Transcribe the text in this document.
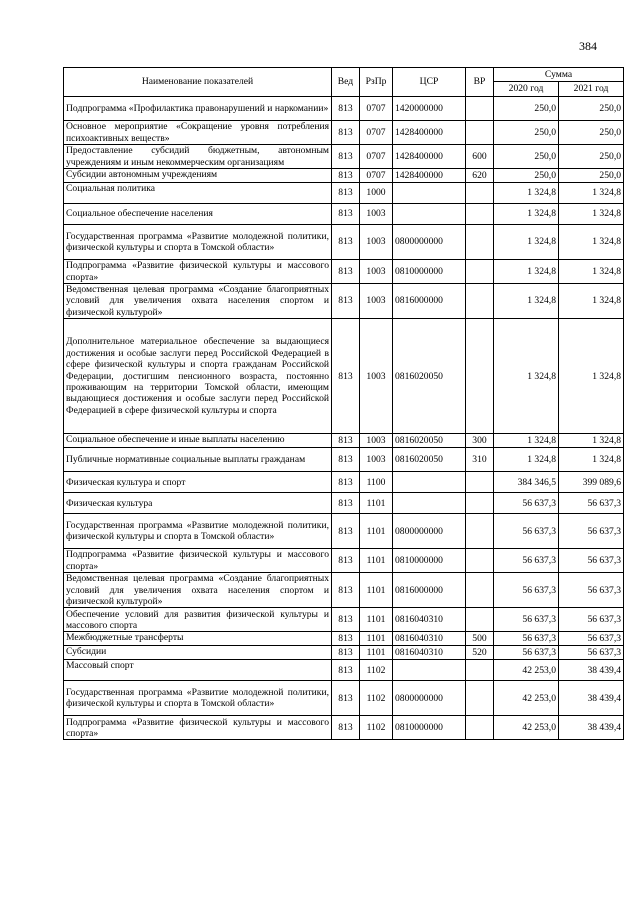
384
Наименование показателей	Вед	РзПр	ЦСР	ВР	Сумма	
					2020 год	2021 год
Подпрограмма «Профилактика правонарушений и наркомании»	813	0707	1420000000		250,0	250,0
Основное мероприятие «Сокращение уровня потребления психоактивных веществ»	813	0707	1428400000		250,0	250,0
Предоставление субсидий бюджетным, автономным учреждениям и иным некоммерческим организациям	813	0707	1428400000	600	250,0	250,0
Субсидии автономным учреждениям	813	0707	1428400000	620	250,0	250,0
Социальная политика	813	1000			1 324,8	1 324,8
Социальное обеспечение населения	813	1003			1 324,8	1 324,8
Государственная программа «Развитие молодежной политики, физической культуры и спорта в Томской области»	813	1003	0800000000		1 324,8	1 324,8
Подпрограмма «Развитие физической культуры и массового спорта»	813	1003	0810000000		1 324,8	1 324,8
Ведомственная целевая программа «Создание благоприятных условий для увеличения охвата населения спортом и физической культурой»	813	1003	0816000000		1 324,8	1 324,8
Дополнительное материальное обеспечение за выдающиеся достижения и особые заслуги перед Российской Федерацией в сфере физической культуры и спорта гражданам Российской Федерации, достигшим пенсионного возраста, постоянно проживающим на территории Томской области, имеющим выдающиеся достижения и особые заслуги перед Российской Федерацией в сфере физической культуры и спорта	813	1003	0816020050		1 324,8	1 324,8
Социальное обеспечение и иные выплаты населению	813	1003	0816020050	300	1 324,8	1 324,8
Публичные нормативные социальные выплаты гражданам	813	1003	0816020050	310	1 324,8	1 324,8
Физическая культура и спорт	813	1100			384 346,5	399 089,6
Физическая культура	813	1101			56 637,3	56 637,3
Государственная программа «Развитие молодежной политики, физической культуры и спорта в Томской области»	813	1101	0800000000		56 637,3	56 637,3
Подпрограмма «Развитие физической культуры и массового спорта»	813	1101	0810000000		56 637,3	56 637,3
Ведомственная целевая программа «Создание благоприятных условий для увеличения охвата населения спортом и физической культурой»	813	1101	0816000000		56 637,3	56 637,3
Обеспечение условий для развития физической культуры и массового спорта	813	1101	0816040310		56 637,3	56 637,3
Межбюджетные трансферты	813	1101	0816040310	500	56 637,3	56 637,3
Субсидии	813	1101	0816040310	520	56 637,3	56 637,3
Массовый спорт	813	1102			42 253,0	38 439,4
Государственная программа «Развитие молодежной политики, физической культуры и спорта в Томской области»	813	1102	0800000000		42 253,0	38 439,4
Подпрограмма «Развитие физической культуры и массового спорта»	813	1102	0810000000		42 253,0	38 439,4
